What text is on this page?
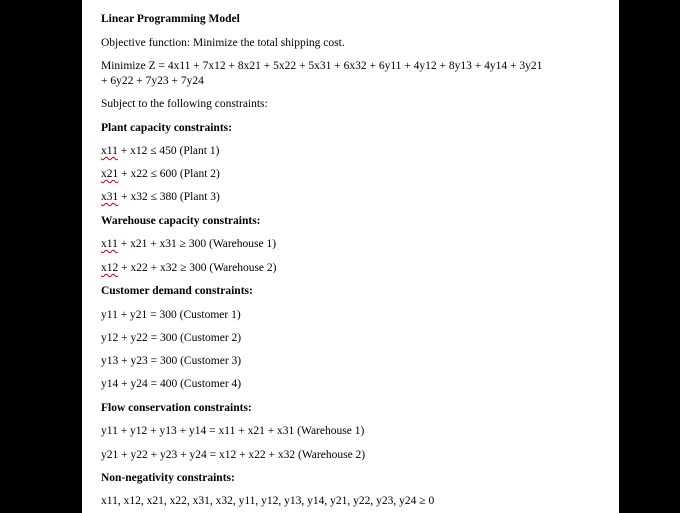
Linear Programming Model
Objective function: Minimize the total shipping cost.
Minimize Z = 4x11 + 7x12 + 8x21 + 5x22 + 5x31 + 6x32 + 6y11 + 4y12 + 8y13 + 4y14 + 3y21
+ 6y22 + 7y23 + 7y24
Subject to the following constraints:
Plant capacity constraints:
x11 + x12 ≤ 450 (Plant 1)
x21 + x22 ≤ 600 (Plant 2)
x31 + x32 ≤ 380 (Plant 3)
Warehouse capacity constraints:
x11 + x21 + x31 ≥ 300 (Warehouse 1)
x12 + x22 + x32 ≥ 300 (Warehouse 2)
Customer demand constraints:
y11 + y21 = 300 (Customer 1)
y12 + y22 = 300 (Customer 2)
y13 + y23 = 300 (Customer 3)
y14 + y24 = 400 (Customer 4)
Flow conservation constraints:
y11 + y12 + y13 + y14 = x11 + x21 + x31 (Warehouse 1)
y21 + y22 + y23 + y24 = x12 + x22 + x32 (Warehouse 2)
Non-negativity constraints:
x11, x12, x21, x22, x31, x32, y11, y12, y13, y14, y21, y22, y23, y24 ≥ 0
